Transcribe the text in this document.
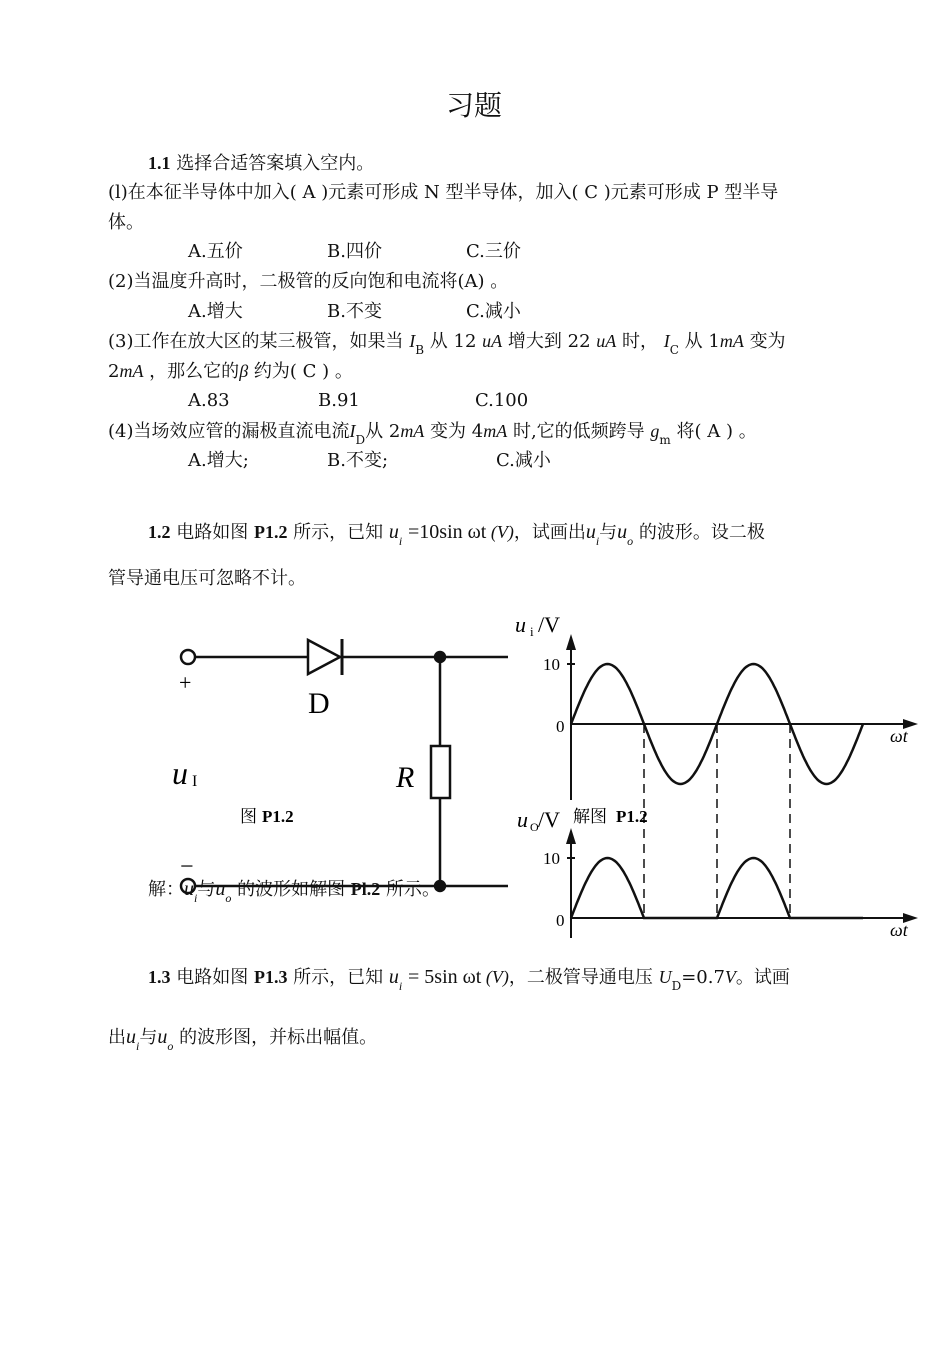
习题
1.1 选择合适答案填入空内。
(l)在本征半导体中加入( A )元素可形成 N 型半导体，加入( C )元素可形成 P 型半导
体。
A.五价	B.四价	C.三价
(2)当温度升高时，二极管的反向饱和电流将(A) 。
A.增大	B.不变	C.减小
(3)工作在放大区的某三极管，如果当 $I_B$ 从 12 uA 增大到 22 uA 时， $I_C$ 从 1mA 变为
2mA ，那么它的β 约为( C ) 。
A.83	B.91	C.100
(4)当场效应管的漏极直流电流$I_D$从 2mA 变为 4mA 时,它的低频跨导 $g_m$ 将( A ) 。
A.增大;	B.不变;	C.减小
1.2 电路如图 P1.2 所示，已知 $u_i =10\sin$ ωt (V)，试画出$u_i$与$u_o$ 的波形。设二极
管导通电压可忽略不计。
+
−
D
R
u I
图 P1.2
u i /V
10
0	ωt
u O /V
10
0	ωt
解图 P1.2
解：$u_i$与$u_o$ 的波形如解图 Pl.2 所示。
1.3 电路如图 P1.3 所示，已知 $u_i = 5\sin$ ωt (V)，二极管导通电压 $U_D=0.7V$。试画
出$u_i$与$u_o$ 的波形图，并标出幅值。
